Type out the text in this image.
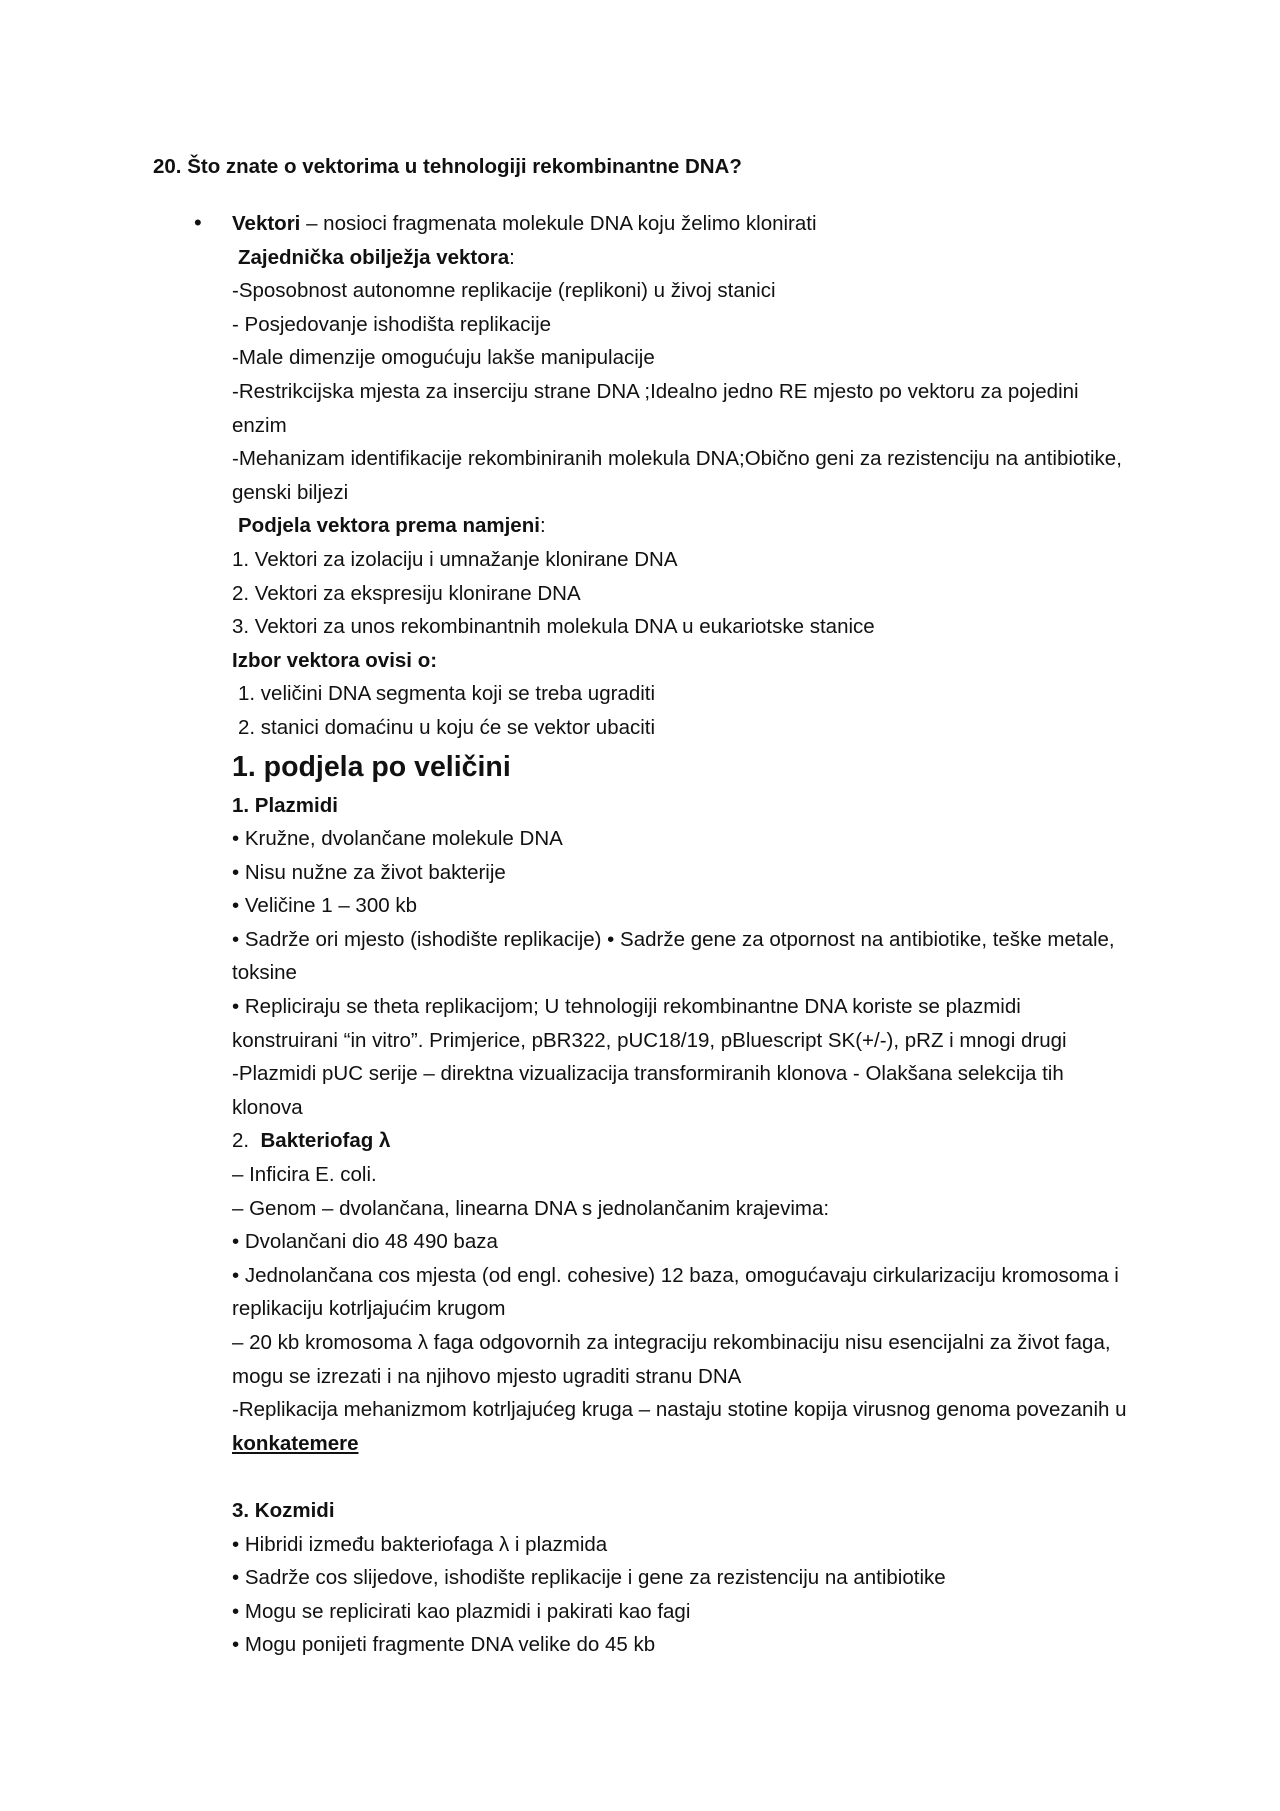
20. Što znate o vektorima u tehnologiji rekombinantne DNA?
• Vektori – nosioci fragmenata molekule DNA koju želimo klonirati
Zajednička obilježja vektora:
-Sposobnost autonomne replikacije (replikoni) u živoj stanici
- Posjedovanje ishodišta replikacije
-Male dimenzije omogućuju lakše manipulacije
-Restrikcijska mjesta za inserciju strane DNA ;Idealno jedno RE mjesto po vektoru za pojedini enzim
-Mehanizam identifikacije rekombiniranih molekula DNA;Obično geni za rezistenciju na antibiotike, genski biljezi
Podjela vektora prema namjeni:
1. Vektori za izolaciju i umnažanje klonirane DNA
2. Vektori za ekspresiju klonirane DNA
3. Vektori za unos rekombinantnih molekula DNA u eukariotske stanice
Izbor vektora ovisi o:
1. veličini DNA segmenta koji se treba ugraditi
2. stanici domaćinu u koju će se vektor ubaciti
1. podjela po veličini
1. Plazmidi
• Kružne, dvolančane molekule DNA
• Nisu nužne za život bakterije
• Veličine 1 – 300 kb
• Sadrže ori mjesto (ishodište replikacije) • Sadrže gene za otpornost na antibiotike, teške metale, toksine
• Repliciraju se theta replikacijom; U tehnologiji rekombinantne DNA koriste se plazmidi konstruirani “in vitro”. Primjerice, pBR322, pUC18/19, pBluescript SK(+/-), pRZ i mnogi drugi
-Plazmidi pUC serije – direktna vizualizacija transformiranih klonova - Olakšana selekcija tih klonova
2.  Bakteriofag λ
– Inficira E. coli.
– Genom – dvolančana, linearna DNA s jednolančanim krajevima:
• Dvolančani dio 48 490 baza
• Jednolančana cos mjesta (od engl. cohesive) 12 baza, omogućavaju cirkularizaciju kromosoma i replikaciju kotrljajućim krugom
– 20 kb kromosoma λ faga odgovornih za integraciju rekombinaciju nisu esencijalni za život faga, mogu se izrezati i na njihovo mjesto ugraditi stranu DNA
-Replikacija mehanizmom kotrljajućeg kruga – nastaju stotine kopija virusnog genoma povezanih u konkatemere
3. Kozmidi
• Hibridi između bakteriofaga λ i plazmida
• Sadrže cos slijedove, ishodište replikacije i gene za rezistenciju na antibiotike
• Mogu se replicirati kao plazmidi i pakirati kao fagi
• Mogu ponijeti fragmente DNA velike do 45 kb
